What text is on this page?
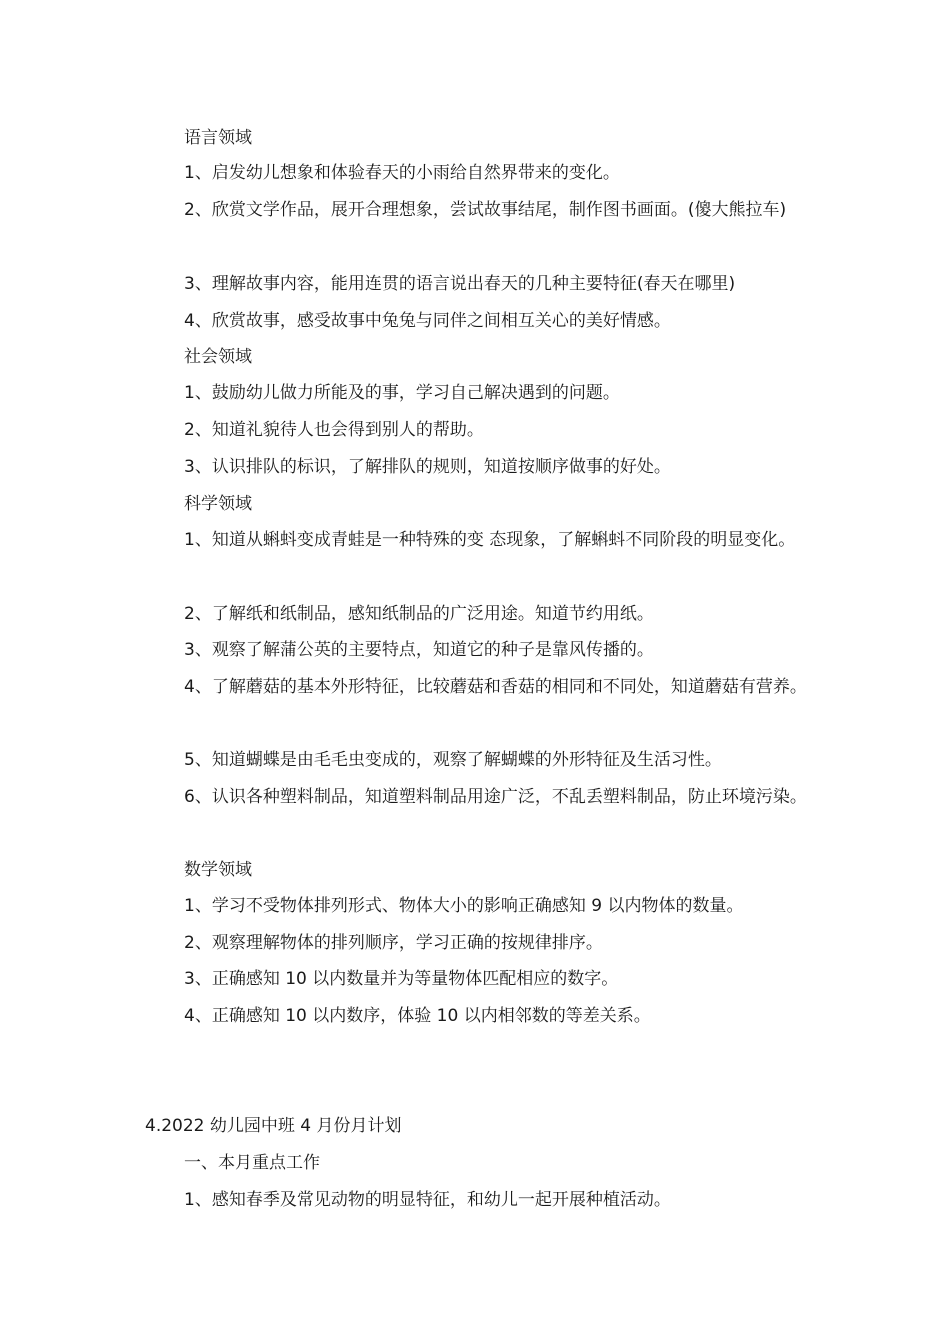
语言领域
1、启发幼儿想象和体验春天的小雨给自然界带来的变化。
2、欣赏文学作品，展开合理想象，尝试故事结尾，制作图书画面。(傻大熊拉车)
3、理解故事内容，能用连贯的语言说出春天的几种主要特征(春天在哪里)
4、欣赏故事，感受故事中兔兔与同伴之间相互关心的美好情感。
社会领域
1、鼓励幼儿做力所能及的事，学习自己解决遇到的问题。
2、知道礼貌待人也会得到别人的帮助。
3、认识排队的标识，了解排队的规则，知道按顺序做事的好处。
科学领域
1、知道从蝌蚪变成青蛙是一种特殊的变 态现象，了解蝌蚪不同阶段的明显变化。
2、了解纸和纸制品，感知纸制品的广泛用途。知道节约用纸。
3、观察了解蒲公英的主要特点，知道它的种子是靠风传播的。
4、了解蘑菇的基本外形特征，比较蘑菇和香菇的相同和不同处，知道蘑菇有营养。
5、知道蝴蝶是由毛毛虫变成的，观察了解蝴蝶的外形特征及生活习性。
6、认识各种塑料制品，知道塑料制品用途广泛，不乱丢塑料制品，防止环境污染。
数学领域
1、学习不受物体排列形式、物体大小的影响正确感知 9 以内物体的数量。
2、观察理解物体的排列顺序，学习正确的按规律排序。
3、正确感知 10 以内数量并为等量物体匹配相应的数字。
4、正确感知 10 以内数序，体验 10 以内相邻数的等差关系。
4.2022 幼儿园中班 4 月份月计划
一、本月重点工作
1、感知春季及常见动物的明显特征，和幼儿一起开展种植活动。
